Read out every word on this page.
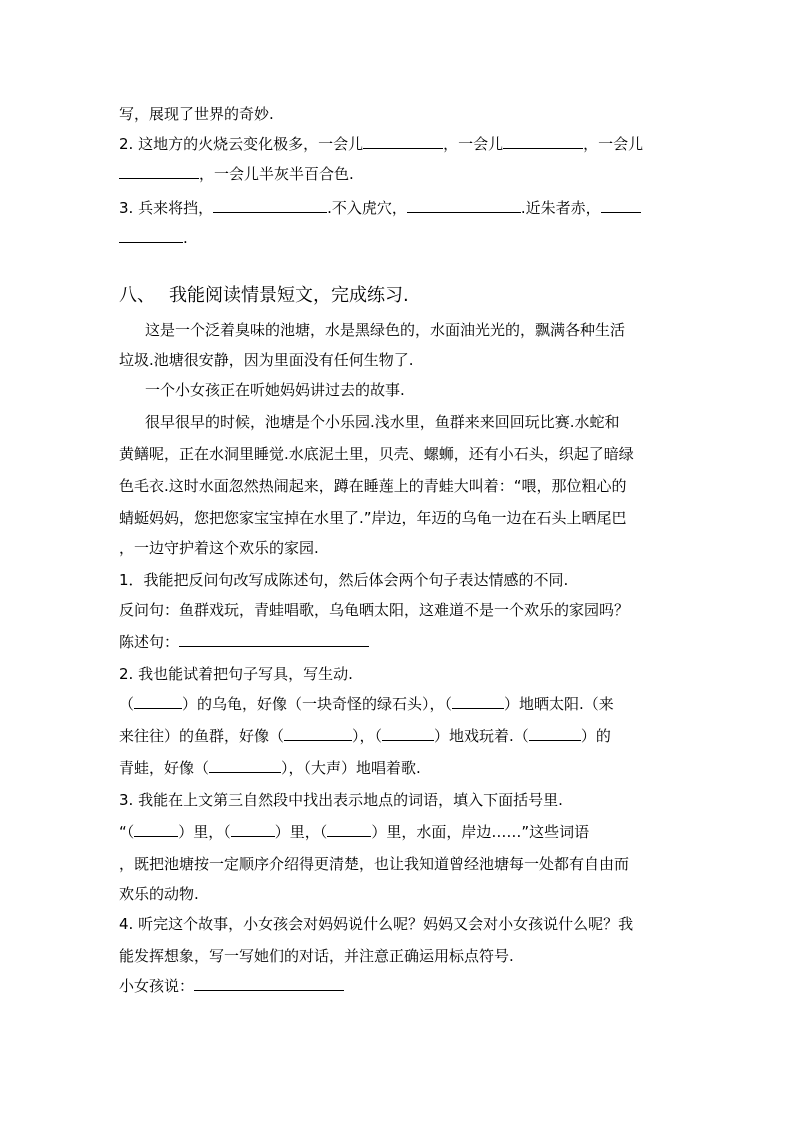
写，展现了世界的奇妙.
2. 这地方的火烧云变化极多，一会儿	，一会儿	，一会儿
，一会儿半灰半百合色.
3. 兵来将挡，	.不入虎穴，	.近朱者赤，
.
八、 我能阅读情景短文，完成练习.
这是一个泛着臭味的池塘，水是黑绿色的，水面油光光的，飘满各种生活
垃圾.池塘很安静，因为里面没有任何生物了.
一个小女孩正在听她妈妈讲过去的故事.
很早很早的时候，池塘是个小乐园.浅水里，鱼群来来回回玩比赛.水蛇和
黄鳝呢，正在水洞里睡觉.水底泥土里，贝壳、螺蛳，还有小石头，织起了暗绿
色毛衣.这时水面忽然热闹起来，蹲在睡莲上的青蛙大叫着：“喂，那位粗心的
蜻蜓妈妈，您把您家宝宝掉在水里了.”岸边，年迈的乌龟一边在石头上晒尾巴
，一边守护着这个欢乐的家园.
1．我能把反问句改写成陈述句，然后体会两个句子表达情感的不同.
反问句：鱼群戏玩，青蛙唱歌，乌龟晒太阳，这难道不是一个欢乐的家园吗？
陈述句：
2. 我也能试着把句子写具，写生动.
（	）的乌龟，好像（一块奇怪的绿石头），（	）地晒太阳.（来
来往往）的鱼群，好像（	），（	）地戏玩着.（	）的
青蛙，好像（	），（大声）地唱着歌.
3. 我能在上文第三自然段中找出表示地点的词语，填入下面括号里.
“（	）里，（	）里，（	）里，水面，岸边……”这些词语
，既把池塘按一定顺序介绍得更清楚，也让我知道曾经池塘每一处都有自由而
欢乐的动物.
4. 听完这个故事，小女孩会对妈妈说什么呢？妈妈又会对小女孩说什么呢？我
能发挥想象，写一写她们的对话，并注意正确运用标点符号.
小女孩说：
